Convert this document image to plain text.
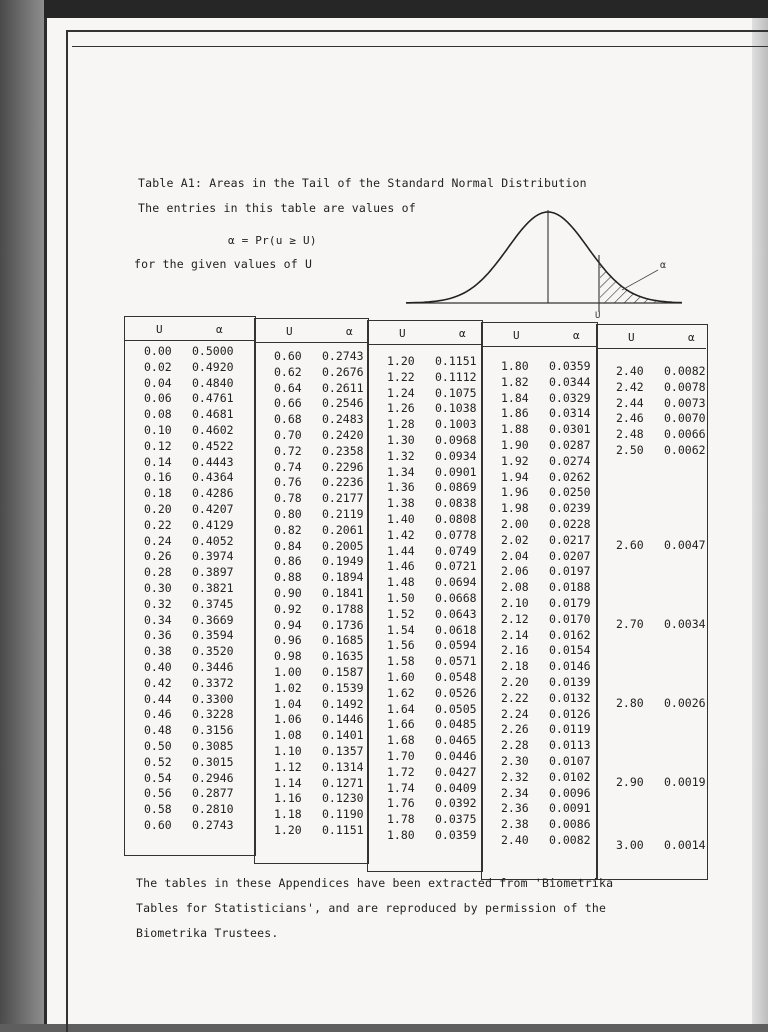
Table A1: Areas in the Tail of the Standard Normal Distribution
The entries in this table are values of
α = Pr(u ≥ U)
for the given values of U	α
U
U	α
0.00 0.5000
0.02 0.4920
0.04 0.4840
0.06 0.4761
0.08 0.4681
0.10 0.4602
0.12 0.4522
0.14 0.4443
0.16 0.4364
0.18 0.4286
0.20 0.4207
0.22 0.4129
0.24 0.4052
0.26 0.3974
0.28 0.3897
0.30 0.3821
0.32 0.3745
0.34 0.3669
0.36 0.3594
0.38 0.3520
0.40 0.3446
0.42 0.3372
0.44 0.3300
0.46 0.3228
0.48 0.3156
0.50 0.3085
0.52 0.3015
0.54 0.2946
0.56 0.2877
0.58 0.2810
0.60 0.2743
U	α
0.60 0.2743
0.62 0.2676
0.64 0.2611
0.66 0.2546
0.68 0.2483
0.70 0.2420
0.72 0.2358
0.74 0.2296
0.76 0.2236
0.78 0.2177
0.80 0.2119
0.82 0.2061
0.84 0.2005
0.86 0.1949
0.88 0.1894
0.90 0.1841
0.92 0.1788
0.94 0.1736
0.96 0.1685
0.98 0.1635
1.00 0.1587
1.02 0.1539
1.04 0.1492
1.06 0.1446
1.08 0.1401
1.10 0.1357
1.12 0.1314
1.14 0.1271
1.16 0.1230
1.18 0.1190
1.20 0.1151
U	α
1.20 0.1151
1.22 0.1112
1.24 0.1075
1.26 0.1038
1.28 0.1003
1.30 0.0968
1.32 0.0934
1.34 0.0901
1.36 0.0869
1.38 0.0838
1.40 0.0808
1.42 0.0778
1.44 0.0749
1.46 0.0721
1.48 0.0694
1.50 0.0668
1.52 0.0643
1.54 0.0618
1.56 0.0594
1.58 0.0571
1.60 0.0548
1.62 0.0526
1.64 0.0505
1.66 0.0485
1.68 0.0465
1.70 0.0446
1.72 0.0427
1.74 0.0409
1.76 0.0392
1.78 0.0375
1.80 0.0359
U	α
1.80 0.0359
1.82 0.0344
1.84 0.0329
1.86 0.0314
1.88 0.0301
1.90 0.0287
1.92 0.0274
1.94 0.0262
1.96 0.0250
1.98 0.0239
2.00 0.0228
2.02 0.0217
2.04 0.0207
2.06 0.0197
2.08 0.0188
2.10 0.0179
2.12 0.0170
2.14 0.0162
2.16 0.0154
2.18 0.0146
2.20 0.0139
2.22 0.0132
2.24 0.0126
2.26 0.0119
2.28 0.0113
2.30 0.0107
2.32 0.0102
2.34 0.0096
2.36 0.0091
2.38 0.0086
2.40 0.0082
U	α
2.40 0.0082
2.42 0.0078
2.44 0.0073
2.46 0.0070
2.48 0.0066
2.50 0.0062
2.60 0.0047
2.70 0.0034
2.80 0.0026
2.90 0.0019
3.00 0.0014
The tables in these Appendices have been extracted from 'Biometrika
Tables for Statisticians', and are reproduced by permission of the
Biometrika Trustees.
